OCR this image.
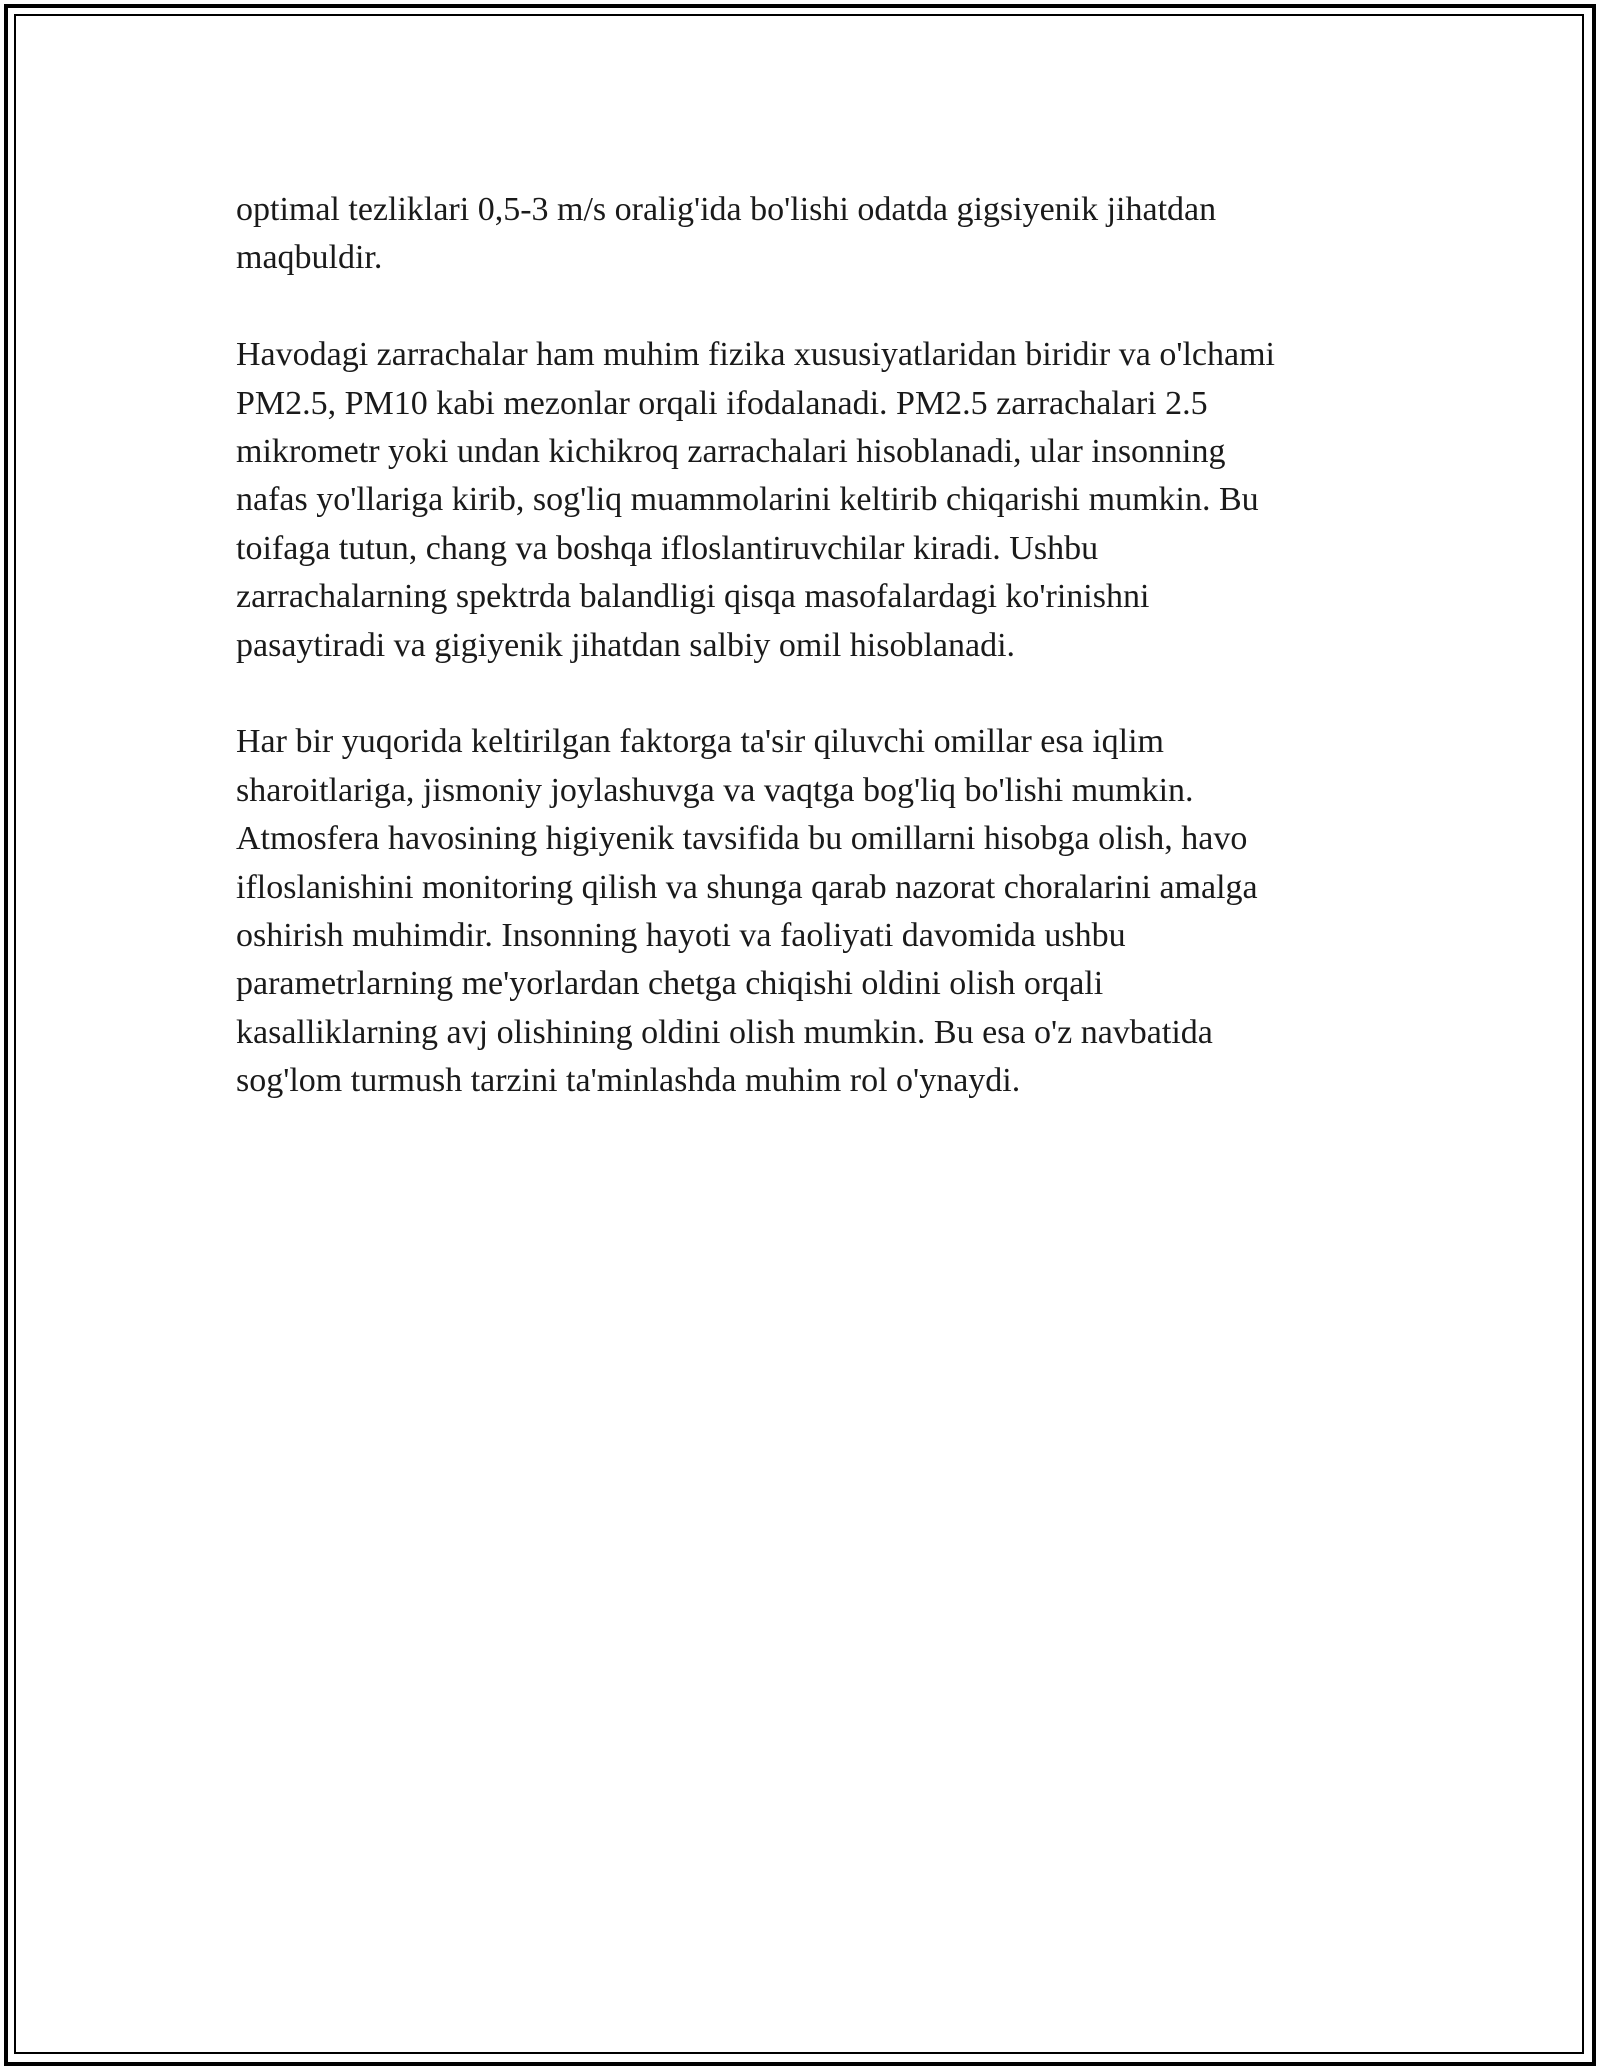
optimal tezliklari 0,5-3 m/s oralig'ida bo'lishi odatda gigsiyenik jihatdan
maqbuldir.

Havodagi zarrachalar ham muhim fizika xususiyatlaridan biridir va o'lchami
PM2.5, PM10 kabi mezonlar orqali ifodalanadi. PM2.5 zarrachalari 2.5
mikrometr yoki undan kichikroq zarrachalari hisoblanadi, ular insonning
nafas yo'llariga kirib, sog'liq muammolarini keltirib chiqarishi mumkin. Bu
toifaga tutun, chang va boshqa ifloslantiruvchilar kiradi. Ushbu
zarrachalarning spektrda balandligi qisqa masofalardagi ko'rinishni
pasaytiradi va gigiyenik jihatdan salbiy omil hisoblanadi.

Har bir yuqorida keltirilgan faktorga ta'sir qiluvchi omillar esa iqlim
sharoitlariga, jismoniy joylashuvga va vaqtga bog'liq bo'lishi mumkin.
Atmosfera havosining higiyenik tavsifida bu omillarni hisobga olish, havo
ifloslanishini monitoring qilish va shunga qarab nazorat choralarini amalga
oshirish muhimdir. Insonning hayoti va faoliyati davomida ushbu
parametrlarning me'yorlardan chetga chiqishi oldini olish orqali
kasalliklarning avj olishining oldini olish mumkin. Bu esa o'z navbatida
sog'lom turmush tarzini ta'minlashda muhim rol o'ynaydi.
